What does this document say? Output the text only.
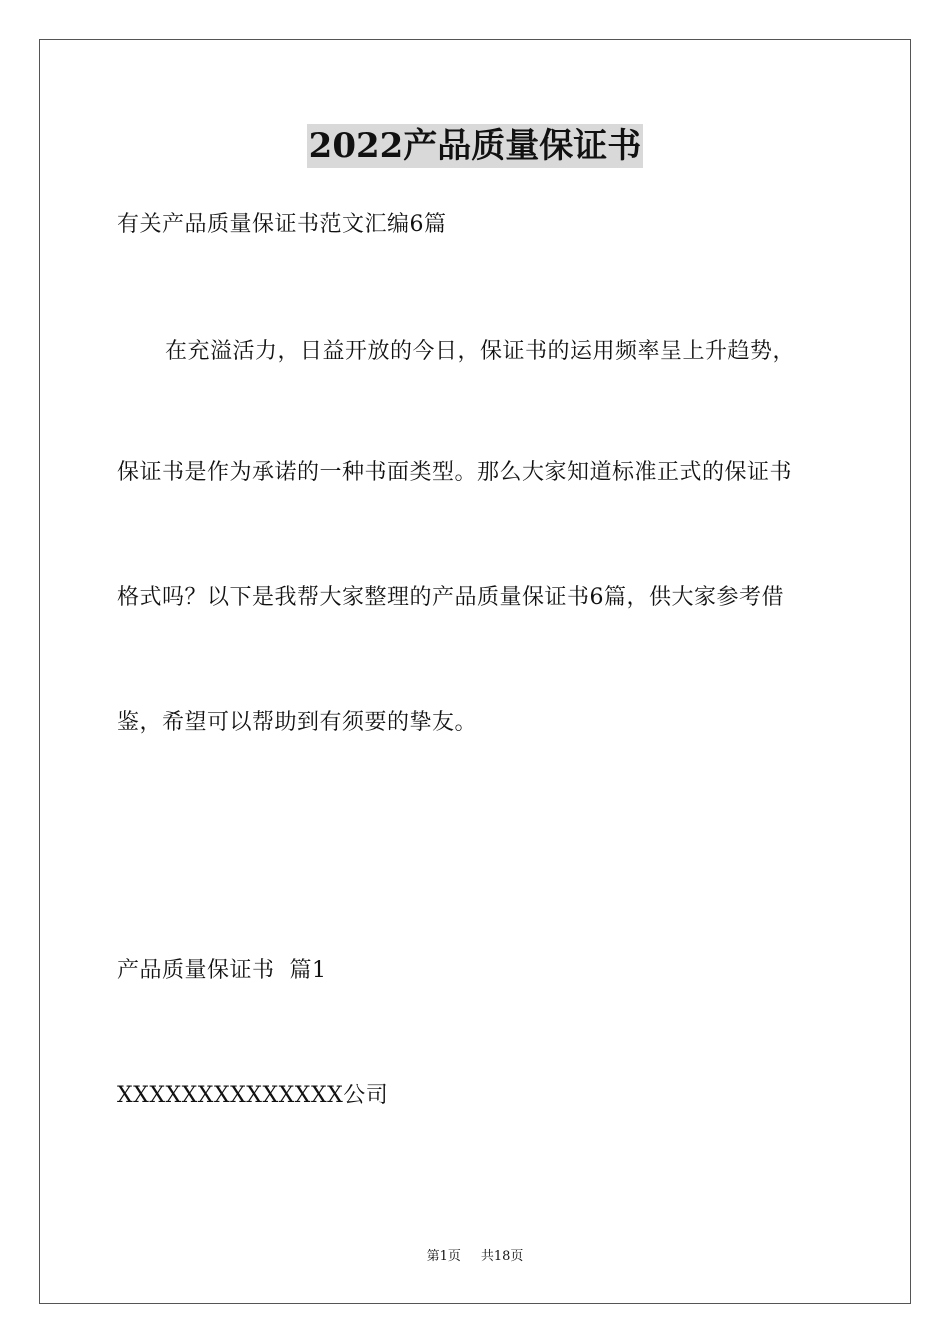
2022产品质量保证书
有关产品质量保证书范文汇编6篇
在充溢活力，日益开放的今日，保证书的运用频率呈上升趋势，
保证书是作为承诺的一种书面类型。那么大家知道标准正式的保证书
格式吗？以下是我帮大家整理的产品质量保证书6篇，供大家参考借
鉴，希望可以帮助到有须要的挚友。
产品质量保证书  篇1
XXXXXXXXXXXXXX公司
第1页 共18页
